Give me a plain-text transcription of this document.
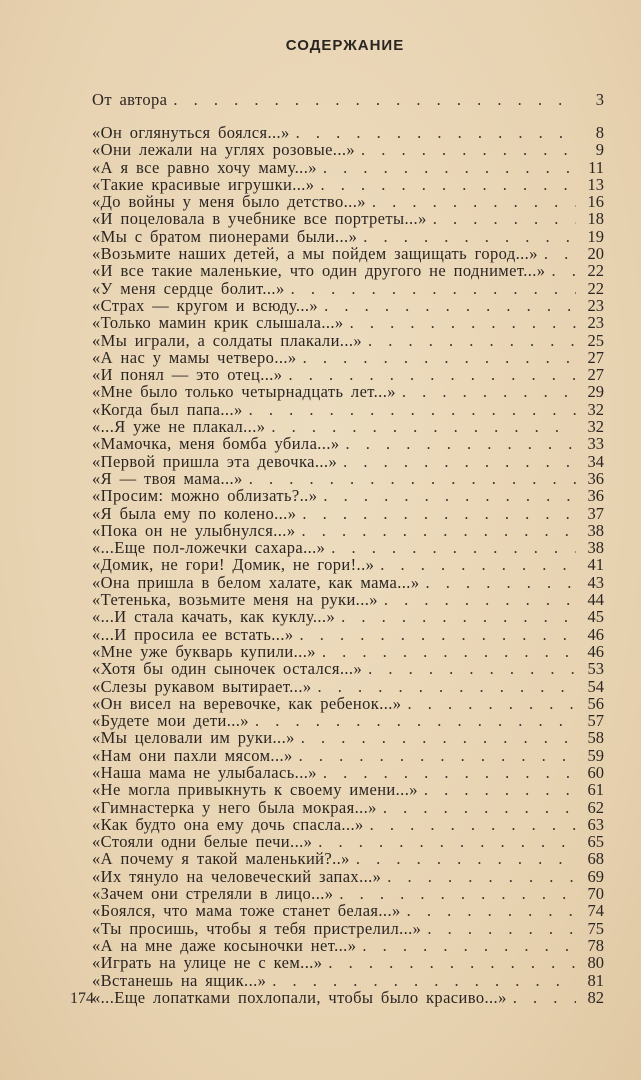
СОДЕРЖАНИЕ
От автора . . .	3
«Он оглянуться боялся...» . . .	8
«Они лежали на углях розовые...» . . .	9
«А я все равно хочу маму...» . . .	11
«Такие красивые игрушки...» . . .	13
«До войны у меня было детство...» . . .	16
«И поцеловала в учебнике все портреты...» . . .	18
«Мы с братом пионерами были...» . . .	19
«Возьмите наших детей, а мы пойдем защищать город...» . . .	20
«И все такие маленькие, что один другого не поднимет...» . . .	22
«У меня сердце болит...» . . .	22
«Страх — кругом и всюду...» . . .	23
«Только мамин крик слышала...» . . .	23
«Мы играли, а солдаты плакали...» . . .	25
«А нас у мамы четверо...» . . .	27
«И понял — это отец...» . . .	27
«Мне было только четырнадцать лет...» . . .	29
«Когда был папа...» . . .	32
«...Я уже не плакал...» . . .	32
«Мамочка, меня бомба убила...» . . .	33
«Первой пришла эта девочка...» . . .	34
«Я — твоя мама...» . . .	36
«Просим: можно облизать?..» . . .	36
«Я была ему по колено...» . . .	37
«Пока он не улыбнулся...» . . .	38
«...Еще пол-ложечки сахара...» . . .	38
«Домик, не гори! Домик, не гори!..» . . .	41
«Она пришла в белом халате, как мама...» . . .	43
«Тетенька, возьмите меня на руки...» . . .	44
«...И стала качать, как куклу...» . . .	45
«...И просила ее встать...» . . .	46
«Мне уже букварь купили...» . . .	46
«Хотя бы один сыночек остался...» . . .	53
«Слезы рукавом вытирает...» . . .	54
«Он висел на веревочке, как ребенок...» . . .	56
«Будете мои дети...» . . .	57
«Мы целовали им руки...» . . .	58
«Нам они пахли мясом...» . . .	59
«Наша мама не улыбалась...» . . .	60
«Не могла привыкнуть к своему имени...» . . .	61
«Гимнастерка у него была мокрая...» . . .	62
«Как будто она ему дочь спасла...» . . .	63
«Стояли одни белые печи...» . . .	65
«А почему я такой маленький?..» . . .	68
«Их тянуло на человеческий запах...» . . .	69
«Зачем они стреляли в лицо...» . . .	70
«Боялся, что мама тоже станет белая...» . . .	74
«Ты просишь, чтобы я тебя пристрелил...» . . .	75
«А на мне даже косыночки нет...» . . .	78
«Играть на улице не с кем...» . . .	80
«Встанешь на ящик...» . . .	81
«...Еще лопатками похлопали, чтобы было красиво...» . . .	82
174
